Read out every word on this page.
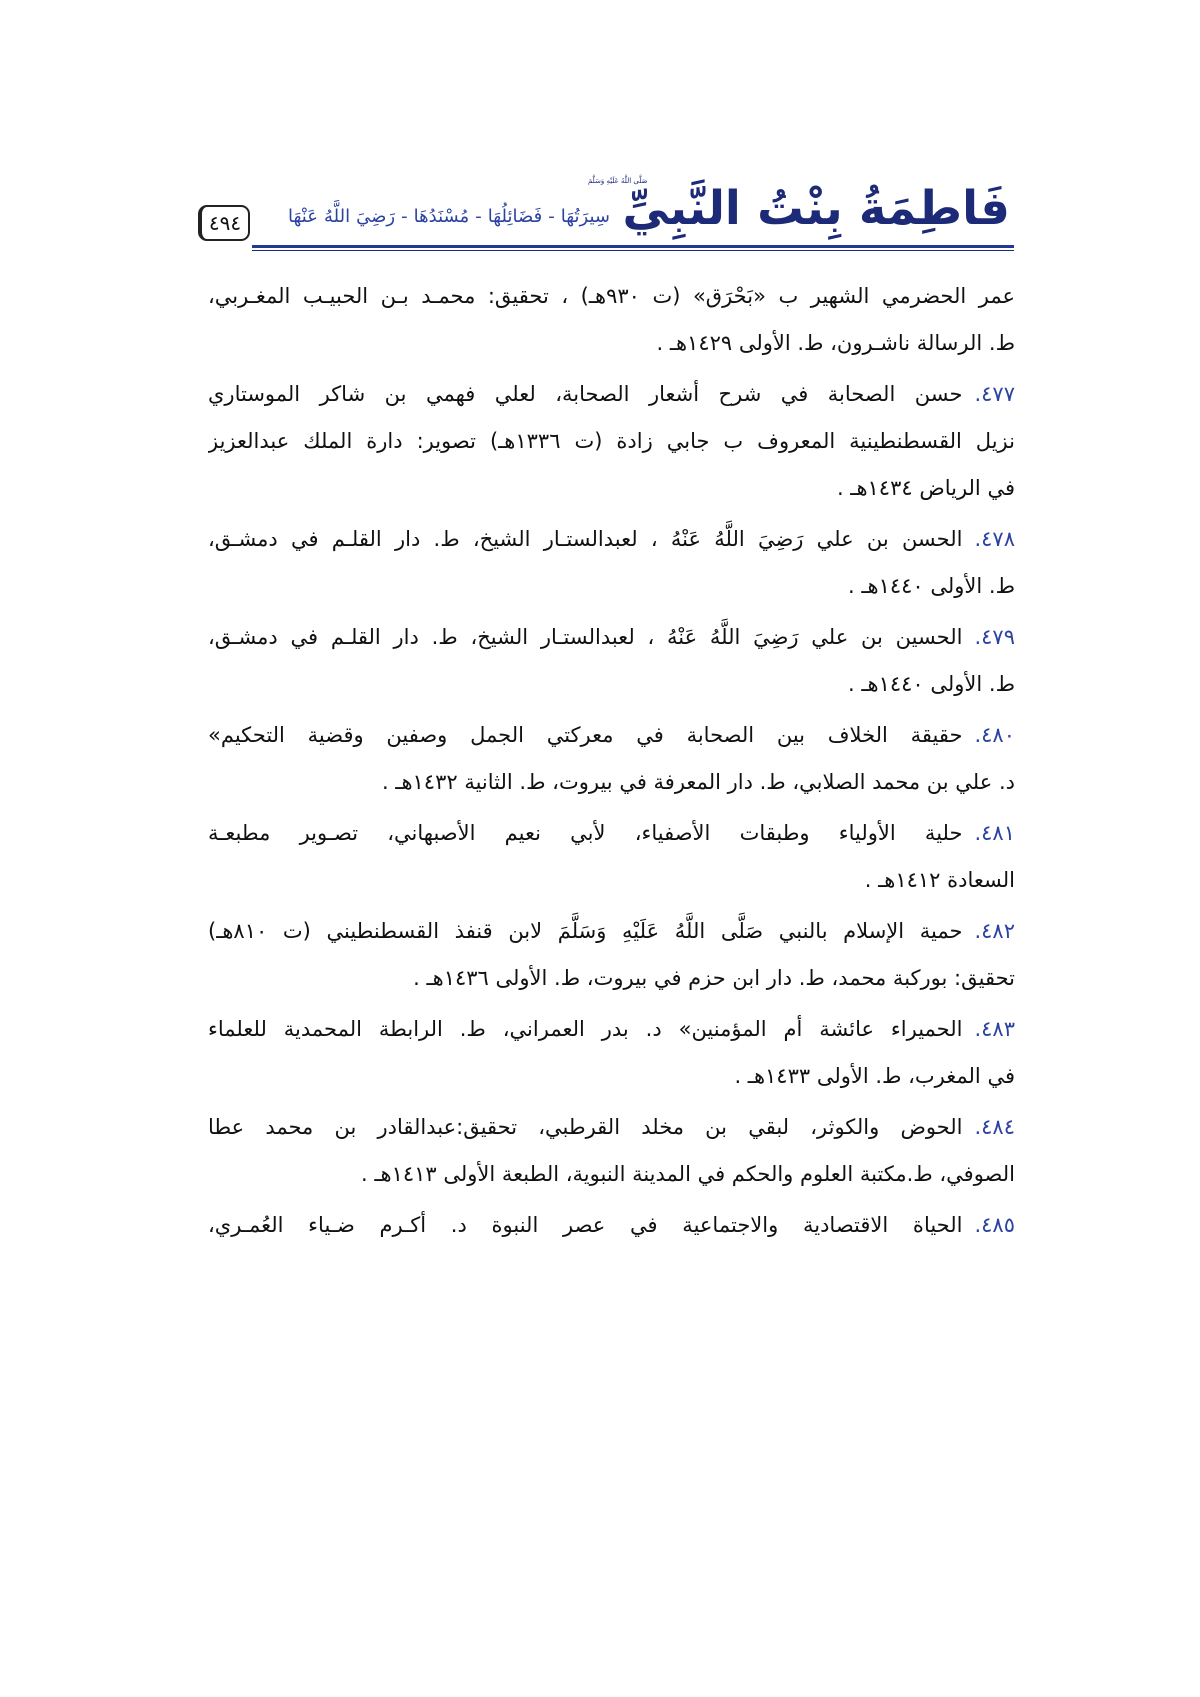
٤٩٤	فَاطِمَةُ بِنْتُ النَّبِيِّ
صَلَّى اللَّهُ عَلَيْهِ وَسَلَّمَ
سِيرَتُهَا - فَضَائِلُهَا - مُسْنَدُهَا - رَضِيَ اللَّهُ عَنْهَا
عمر الحضرمي الشهير ب «بَحْرَق» (ت ٩٣٠هـ) ، تحقيق: محمـد بـن الحبيـب المغـربي،
ط. الرسالة ناشـرون، ط. الأولى ١٤٢٩هـ .
٤٧٧.حسن الصحابة في شرح أشعار الصحابة، لعلي فهمي بن شاكر الموستاري
نزيل القسطنطينية المعروف ب جابي زادة (ت ١٣٣٦هـ) تصوير: دارة الملك عبدالعزيز
في الرياض ١٤٣٤هـ .
٤٧٨.الحسن بن علي رَضِيَ اللَّهُ عَنْهُ ، لعبدالستـار الشيخ، ط. دار القلـم في دمشـق،
ط. الأولى ١٤٤٠هـ .
٤٧٩.الحسين بن علي رَضِيَ اللَّهُ عَنْهُ ، لعبدالستـار الشيخ، ط. دار القلـم في دمشـق،
ط. الأولى ١٤٤٠هـ .
٤٨٠.حقيقة الخلاف بين الصحابة في معركتي الجمل وصفين وقضية التحكيم»
د. علي بن محمد الصلابي، ط. دار المعرفة في بيروت، ط. الثانية ١٤٣٢هـ .
٤٨١.حلية الأولياء وطبقات الأصفياء، لأبي نعيم الأصبهاني، تصـوير مطبعـة
السعادة ١٤١٢هـ .
٤٨٢.حمية الإسلام بالنبي صَلَّى اللَّهُ عَلَيْهِ وَسَلَّمَ لابن قنفذ القسطنطيني (ت ٨١٠هـ)
تحقيق: بوركبة محمد، ط. دار ابن حزم في بيروت، ط. الأولى ١٤٣٦هـ .
٤٨٣.الحميراء عائشة أم المؤمنين» د. بدر العمراني، ط. الرابطة المحمدية للعلماء
في المغرب، ط. الأولى ١٤٣٣هـ .
٤٨٤.الحوض والكوثر، لبقي بن مخلد القرطبي، تحقيق:عبدالقادر بن محمد عطا
الصوفي، ط.مكتبة العلوم والحكم في المدينة النبوية، الطبعة الأولى ١٤١٣هـ .
٤٨٥.الحياة الاقتصادية والاجتماعية في عصر النبوة د. أكـرم ضـياء العُمـري،
